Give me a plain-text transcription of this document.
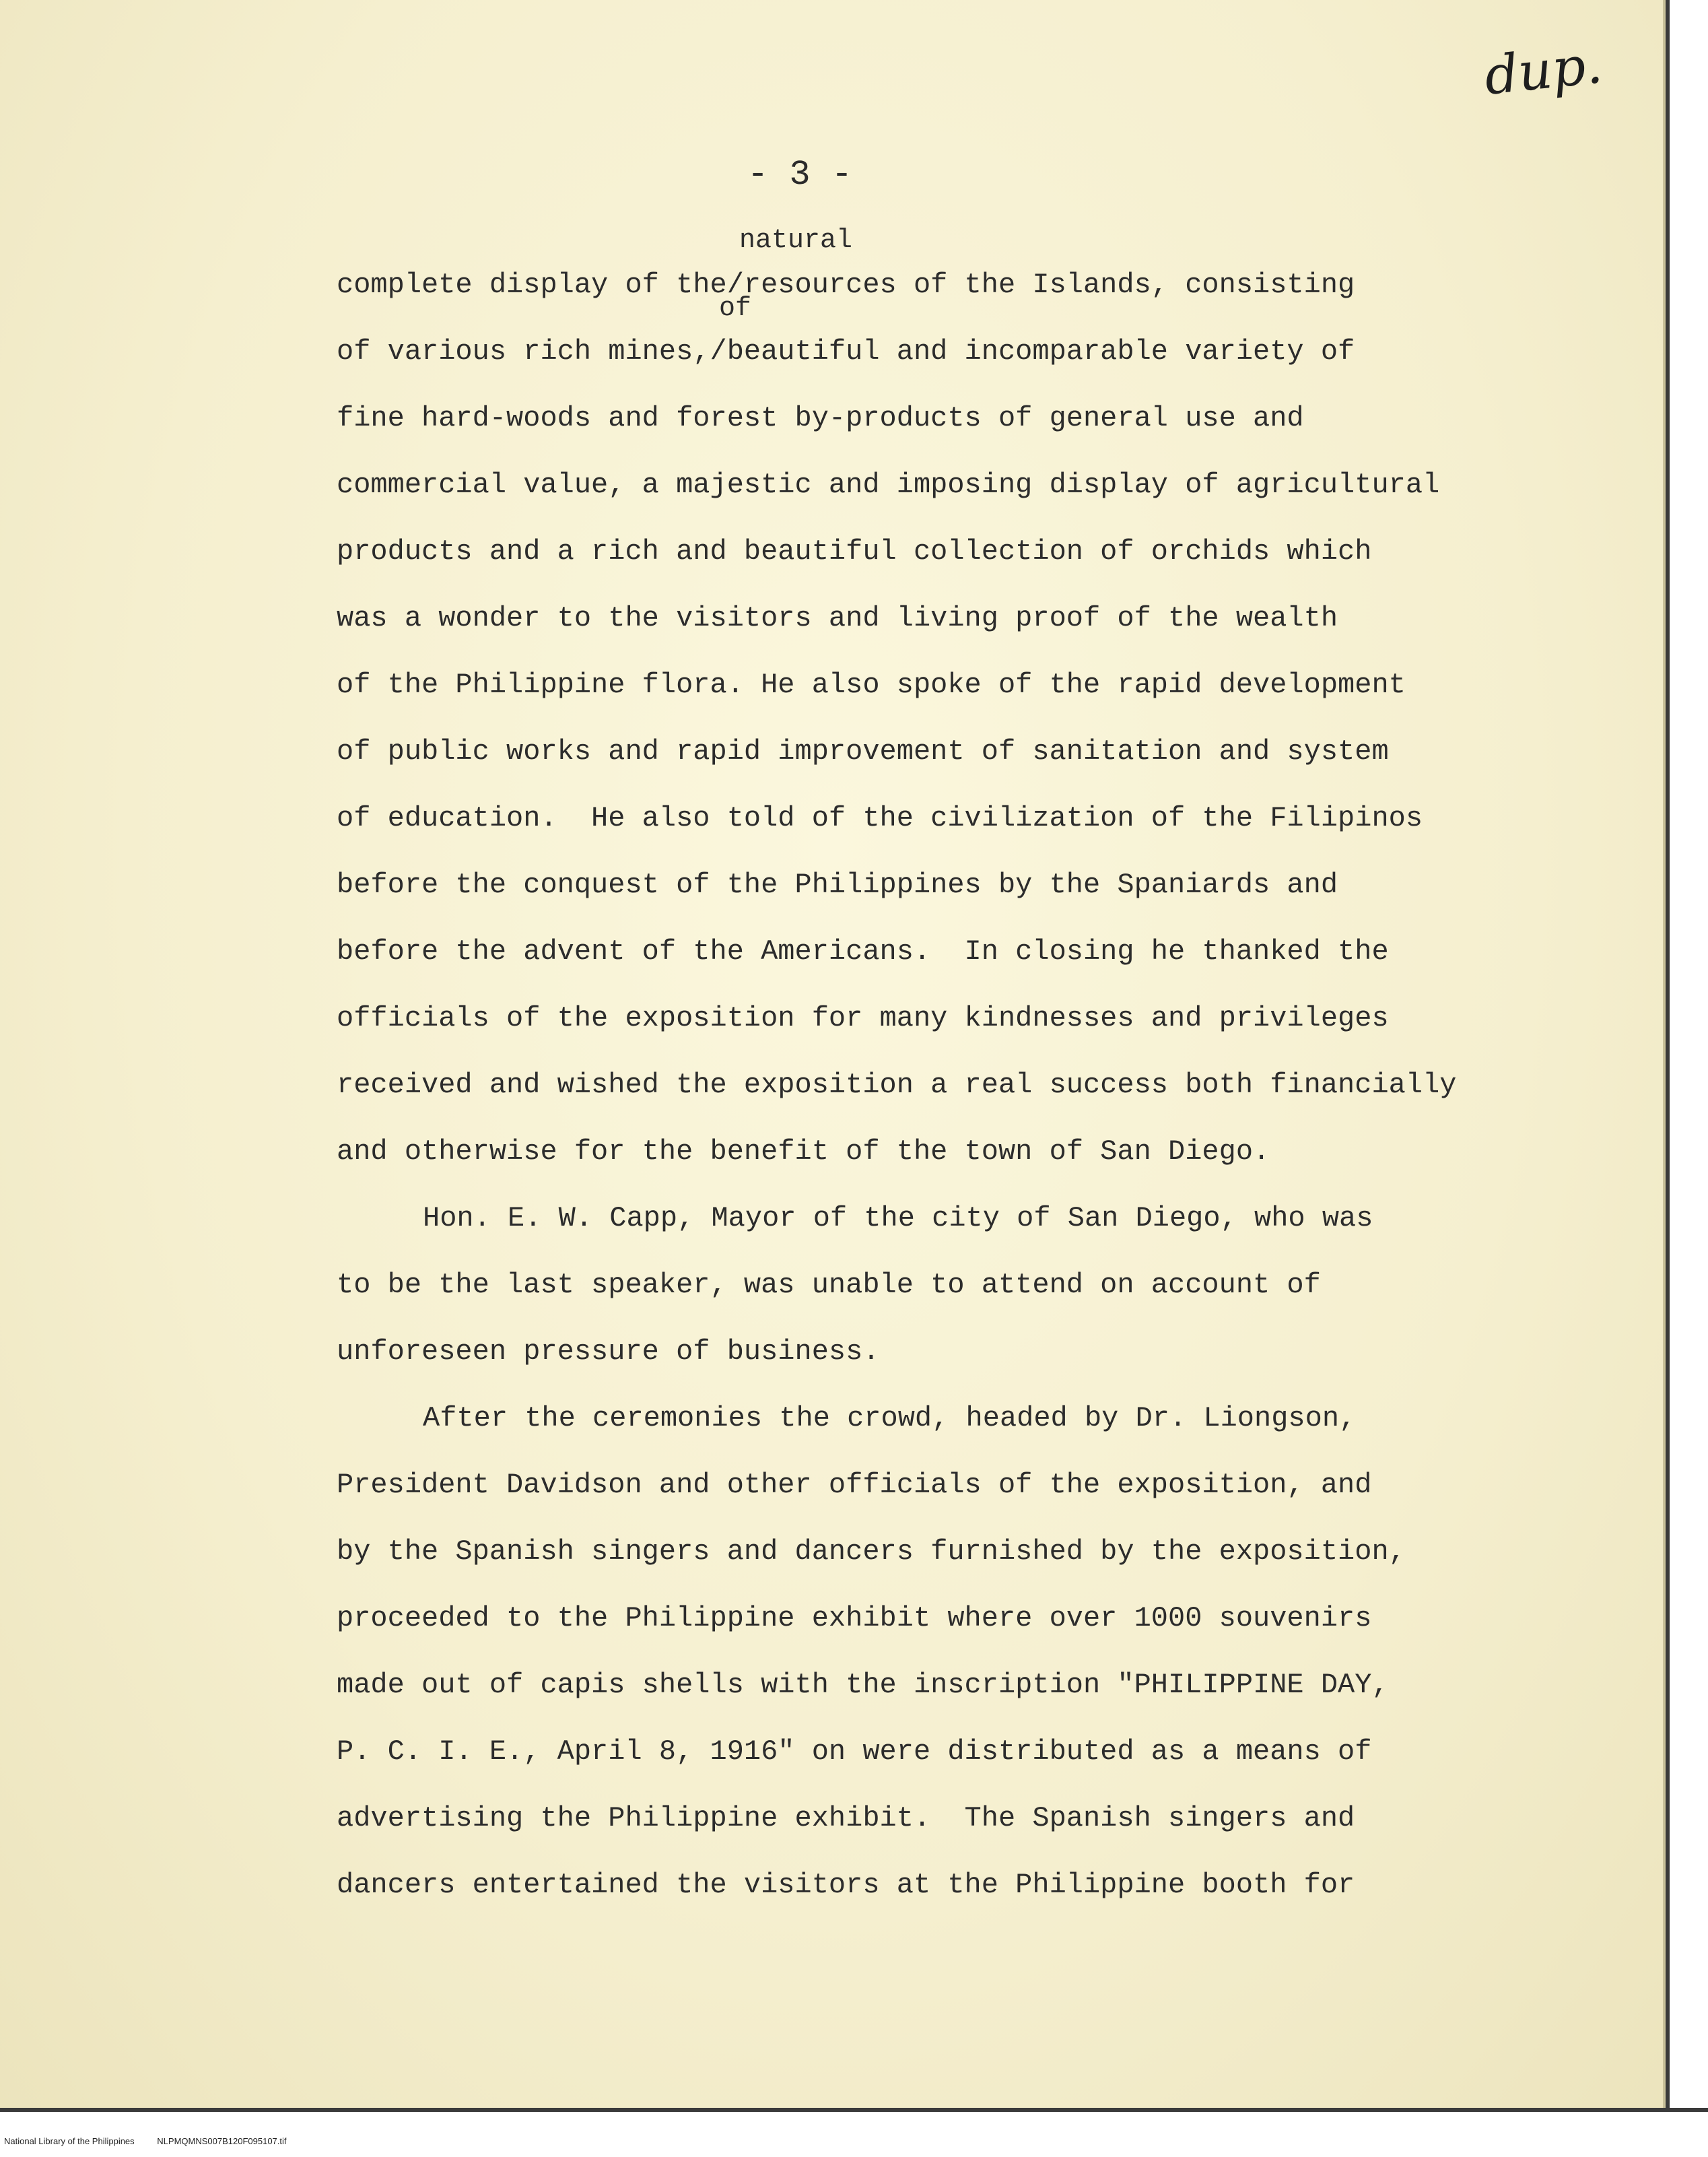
dup.
- 3 -
natural
of
complete display of the/resources of the Islands, consisting
of various rich mines,/beautiful and incomparable variety of
fine hard-woods and forest by-products of general use and
commercial value, a majestic and imposing display of agricultural
products and a rich and beautiful collection of orchids which
was a wonder to the visitors and living proof of the wealth
of the Philippine flora. He also spoke of the rapid development
of public works and rapid improvement of sanitation and system
of education.  He also told of the civilization of the Filipinos
before the conquest of the Philippines by the Spaniards and
before the advent of the Americans.  In closing he thanked the
officials of the exposition for many kindnesses and privileges
received and wished the exposition a real success both financially
and otherwise for the benefit of the town of San Diego.
Hon. E. W. Capp, Mayor of the city of San Diego, who was
to be the last speaker, was unable to attend on account of
unforeseen pressure of business.
After the ceremonies the crowd, headed by Dr. Liongson,
President Davidson and other officials of the exposition, and
by the Spanish singers and dancers furnished by the exposition,
proceeded to the Philippine exhibit where over 1000 souvenirs
made out of capis shells with the inscription "PHILIPPINE DAY,
P. C. I. E., April 8, 1916" on were distributed as a means of
advertising the Philippine exhibit.  The Spanish singers and
dancers entertained the visitors at the Philippine booth for
National Library of the Philippines	NLPMQMNS007B120F095107.tif
